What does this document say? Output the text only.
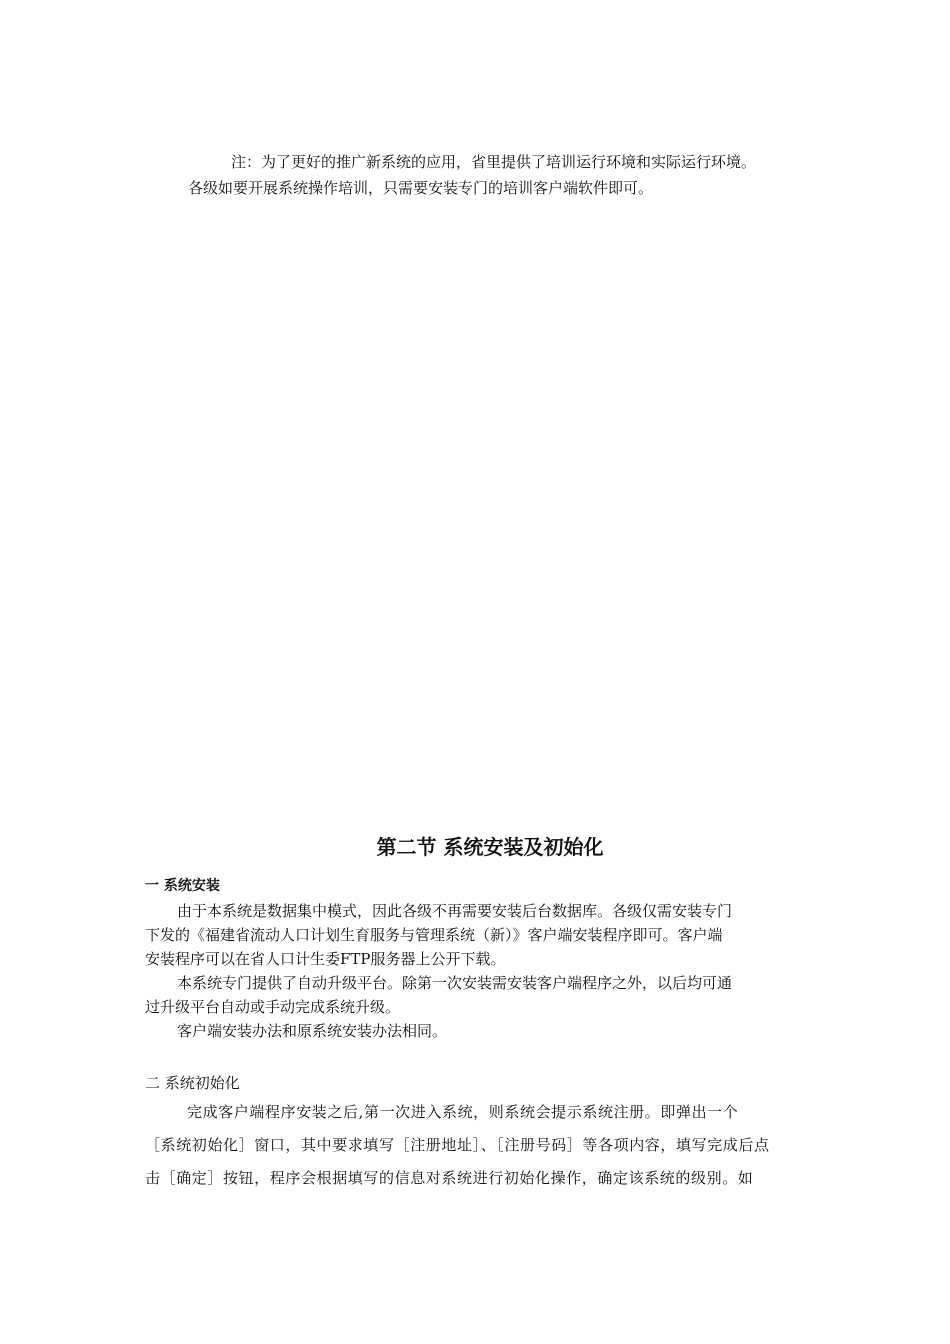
注：为了更好的推广新系统的应用，省里提供了培训运行环境和实际运行环境。
各级如要开展系统操作培训，只需要安装专门的培训客户端软件即可。
第二节 系统安装及初始化
一 系统安装
由于本系统是数据集中模式，因此各级不再需要安装后台数据库。各级仅需安装专门
下发的《福建省流动人口计划生育服务与管理系统（新）》客户端安装程序即可。客户端
安装程序可以在省人口计生委FTP服务器上公开下载。
本系统专门提供了自动升级平台。除第一次安装需安装客户端程序之外，以后均可通
过升级平台自动或手动完成系统升级。
客户端安装办法和原系统安装办法相同。
二 系统初始化
完成客户端程序安装之后,第一次进入系统，则系统会提示系统注册。即弹出一个
［系统初始化］窗口，其中要求填写［注册地址］、［注册号码］等各项内容，填写完成后点
击［确定］按钮，程序会根据填写的信息对系统进行初始化操作，确定该系统的级别。如
